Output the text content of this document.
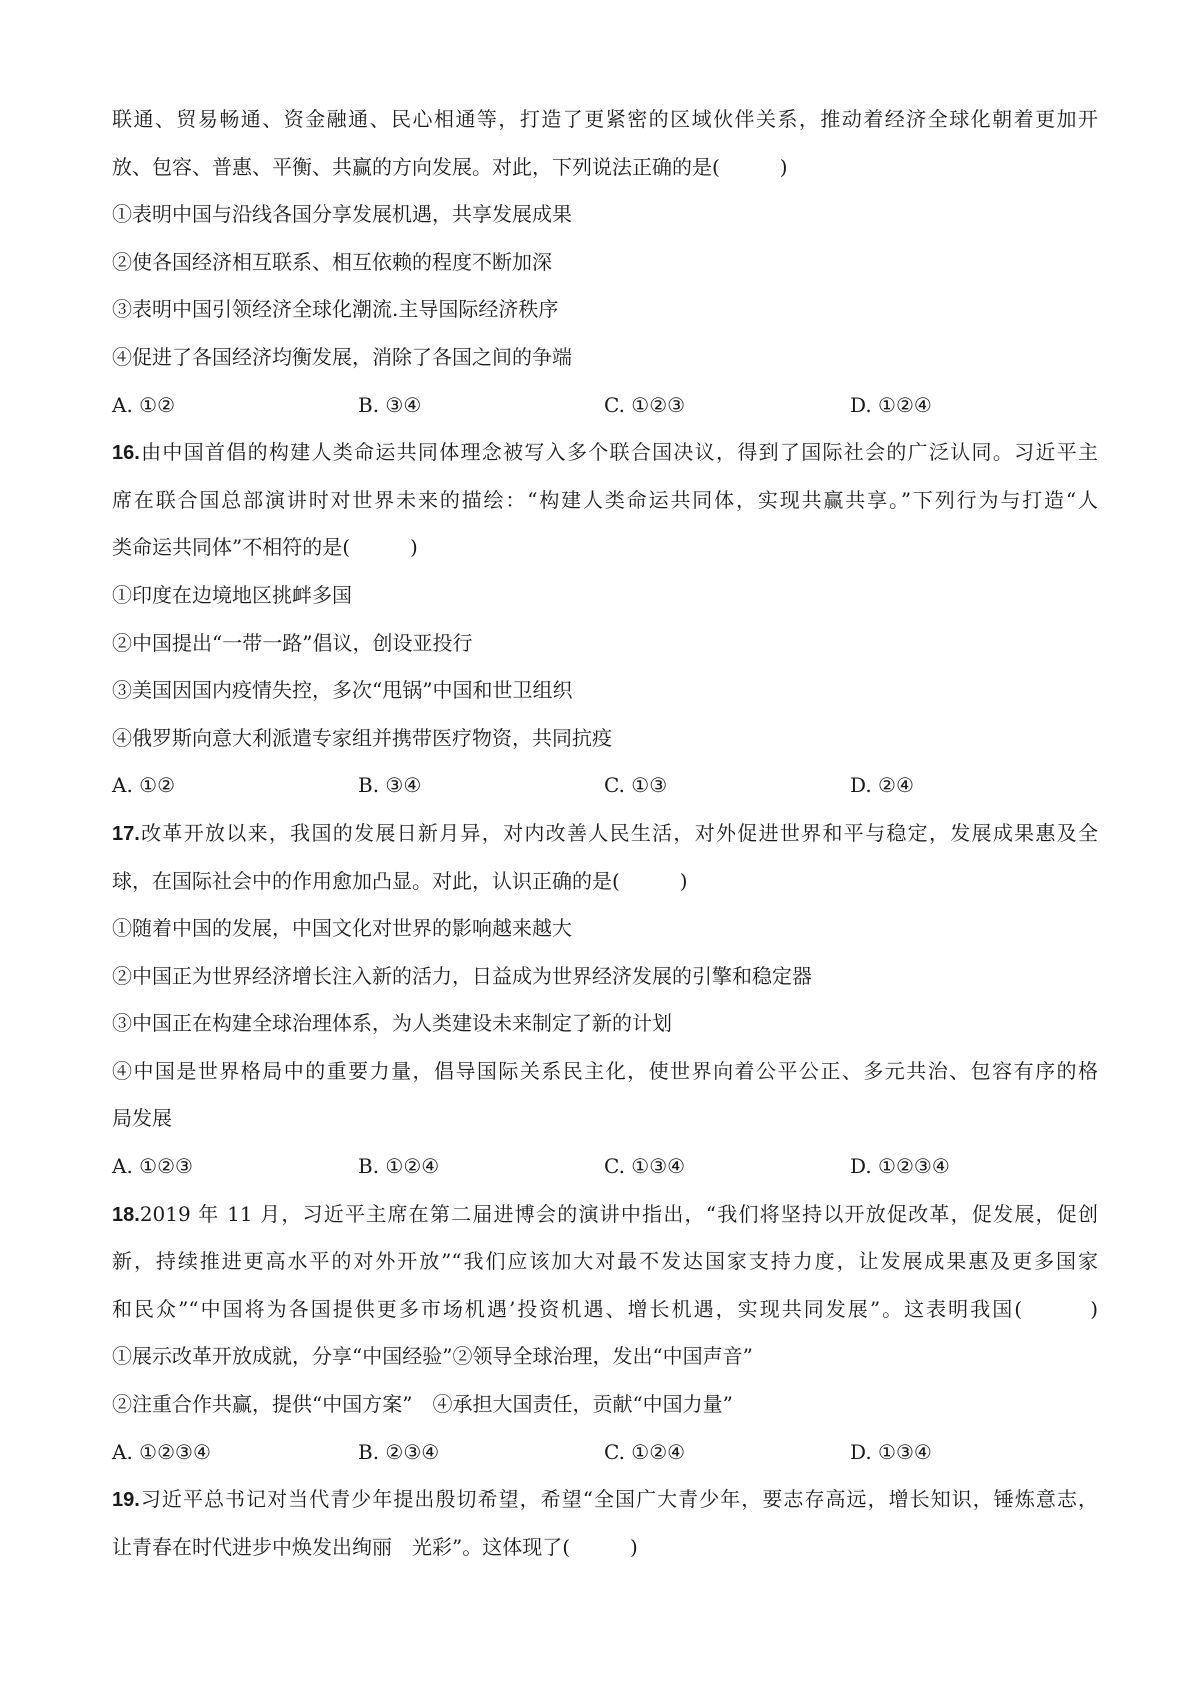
联通、贸易畅通、资金融通、民心相通等，打造了更紧密的区域伙伴关系，推动着经济全球化朝着更加开
放、包容、普惠、平衡、共赢的方向发展。对此，下列说法正确的是(　　　)
①表明中国与沿线各国分享发展机遇，共享发展成果
②使各国经济相互联系、相互依赖的程度不断加深
③表明中国引领经济全球化潮流.主导国际经济秩序
④促进了各国经济均衡发展，消除了各国之间的争端
A. ①②	B. ③④	C. ①②③	D. ①②④
16.由中国首倡的构建人类命运共同体理念被写入多个联合国决议，得到了国际社会的广泛认同。习近平主
席在联合国总部演讲时对世界未来的描绘：“构建人类命运共同体，实现共赢共享。”下列行为与打造“人
类命运共同体”不相符的是(　　　)
①印度在边境地区挑衅多国
②中国提出“一带一路”倡议，创设亚投行
③美国因国内疫情失控，多次“甩锅”中国和世卫组织
④俄罗斯向意大利派遣专家组并携带医疗物资，共同抗疫
A. ①②	B. ③④	C. ①③	D. ②④
17.改革开放以来，我国的发展日新月异，对内改善人民生活，对外促进世界和平与稳定，发展成果惠及全
球，在国际社会中的作用愈加凸显。对此，认识正确的是(　　　)
①随着中国的发展，中国文化对世界的影响越来越大
②中国正为世界经济增长注入新的活力，日益成为世界经济发展的引擎和稳定器
③中国正在构建全球治理体系，为人类建设未来制定了新的计划
④中国是世界格局中的重要力量，倡导国际关系民主化，使世界向着公平公正、多元共治、包容有序的格
局发展
A. ①②③	B. ①②④	C. ①③④	D. ①②③④
18.2019 年 11 月，习近平主席在第二届进博会的演讲中指出，“我们将坚持以开放促改革，促发展，促创
新，持续推进更高水平的对外开放”“我们应该加大对最不发达国家支持力度，让发展成果惠及更多国家
和民众”“中国将为各国提供更多市场机遇’投资机遇、增长机遇，实现共同发展”。这表明我国(　　　)
①展示改革开放成就，分享“中国经验”②领导全球治理，发出“中国声音”
②注重合作共赢，提供“中国方案”　④承担大国责任，贡献“中国力量”
A. ①②③④	B. ②③④	C. ①②④	D. ①③④
19.习近平总书记对当代青少年提出殷切希望，希望“全国广大青少年，要志存高远，增长知识，锤炼意志，
让青春在时代进步中焕发出绚丽　光彩”。这体现了(　　　)
